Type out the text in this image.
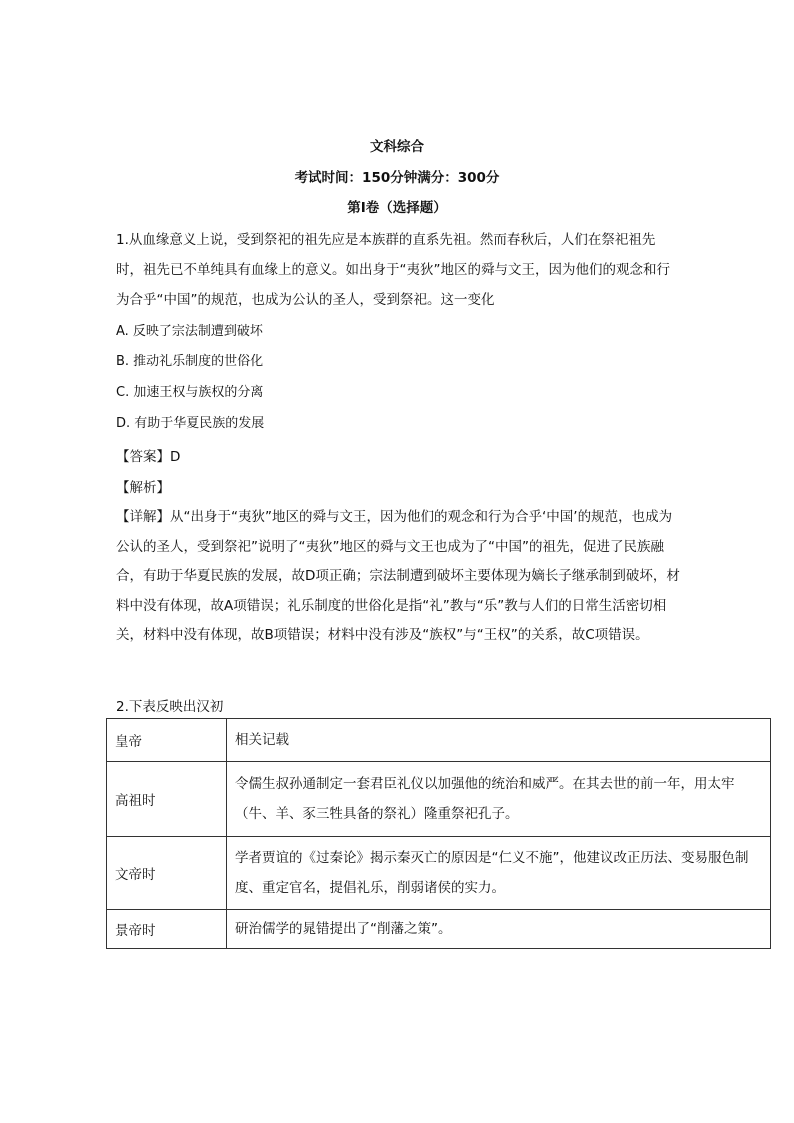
文科综合
考试时间：150分钟满分：300分
第I卷（选择题）
1.从血缘意义上说，受到祭祀的祖先应是本族群的直系先祖。然而春秋后，人们在祭祀祖先时，祖先已不单纯具有血缘上的意义。如出身于“夷狄”地区的舜与文王，因为他们的观念和行为合乎“中国”的规范，也成为公认的圣人，受到祭祀。这一变化
A. 反映了宗法制遭到破坏
B. 推动礼乐制度的世俗化
C. 加速王权与族权的分离
D. 有助于华夏民族的发展
【答案】D
【解析】
【详解】从“出身于“夷狄”地区的舜与文王，因为他们的观念和行为合乎‘中国’的规范，也成为公认的圣人，受到祭祀”说明了“夷狄”地区的舜与文王也成为了“中国”的祖先，促进了民族融合，有助于华夏民族的发展，故D项正确；宗法制遭到破坏主要体现为嫡长子继承制到破坏，材料中没有体现，故A项错误；礼乐制度的世俗化是指“礼”教与“乐”教与人们的日常生活密切相关，材料中没有体现，故B项错误；材料中没有涉及“族权”与“王权”的关系，故C项错误。
2.下表反映出汉初
皇帝	相关记载
高祖时	令儒生叔孙通制定一套君臣礼仪以加强他的统治和威严。在其去世的前一年，用太牢（牛、羊、豕三牲具备的祭礼）隆重祭祀孔子。
文帝时	学者贾谊的《过秦论》揭示秦灭亡的原因是“仁义不施”，他建议改正历法、变易服色制度、重定官名，提倡礼乐，削弱诸侯的实力。
景帝时	研治儒学的晁错提出了“削藩之策”。
